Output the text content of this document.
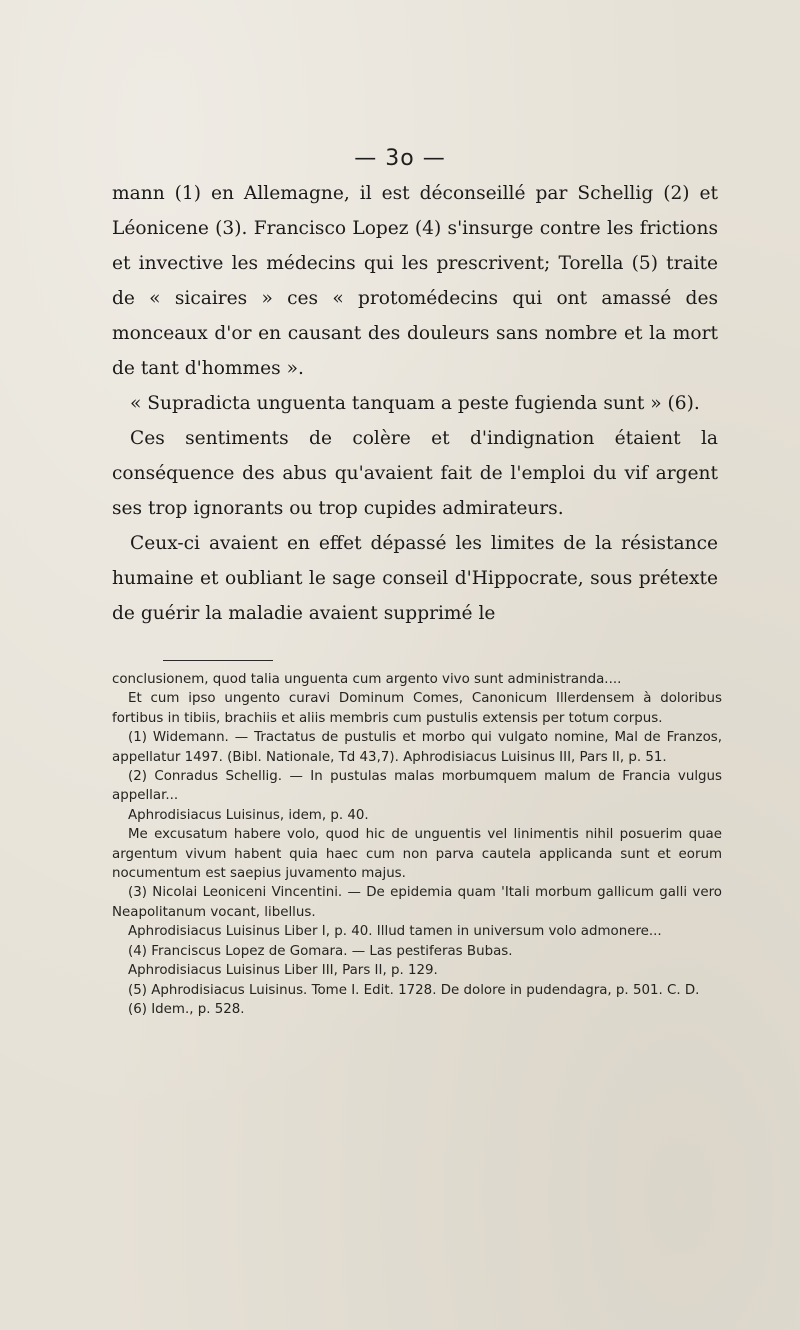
— 3o —

mann (1) en Allemagne, il est déconseillé par Schellig (2) et Léonicene (3). Francisco Lopez (4) s'insurge contre les frictions et invective les médecins qui les prescrivent; Torella (5) traite de « sicaires » ces « protomédecins qui ont amassé des monceaux d'or en causant des douleurs sans nombre et la mort de tant d'hommes ».

« Supradicta unguenta tanquam a peste fugienda sunt » (6).

Ces sentiments de colère et d'indignation étaient la conséquence des abus qu'avaient fait de l'emploi du vif argent ses trop ignorants ou trop cupides admirateurs.

Ceux-ci avaient en effet dépassé les limites de la résistance humaine et oubliant le sage conseil d'Hippocrate, sous prétexte de guérir la maladie avaient supprimé le

conclusionem, quod talia unguenta cum argento vivo sunt administranda....

Et cum ipso ungento curavi Dominum Comes, Canonicum Illerdensem à doloribus fortibus in tibiis, brachiis et aliis membris cum pustulis extensis per totum corpus.

(1) Widemann. — Tractatus de pustulis et morbo qui vulgato nomine, Mal de Franzos, appellatur 1497. (Bibl. Nationale, Td 43,7). Aphrodisiacus Luisinus III, Pars II, p. 51.

(2) Conradus Schellig. — In pustulas malas morbumquem malum de Francia vulgus appellar...

Aphrodisiacus Luisinus, idem, p. 40.

Me excusatum habere volo, quod hic de unguentis vel linimentis nihil posuerim quae argentum vivum habent quia haec cum non parva cautela applicanda sunt et eorum nocumentum est saepius juvamento majus.

(3) Nicolai Leoniceni Vincentini. — De epidemia quam 'Itali morbum gallicum galli vero Neapolitanum vocant, libellus.

Aphrodisiacus Luisinus Liber I, p. 40. Illud tamen in universum volo admonere...

(4) Franciscus Lopez de Gomara. — Las pestiferas Bubas.

Aphrodisiacus Luisinus Liber III, Pars II, p. 129.

(5) Aphrodisiacus Luisinus. Tome I. Edit. 1728. De dolore in pudendagra, p. 501. C. D.

(6) Idem., p. 528.
